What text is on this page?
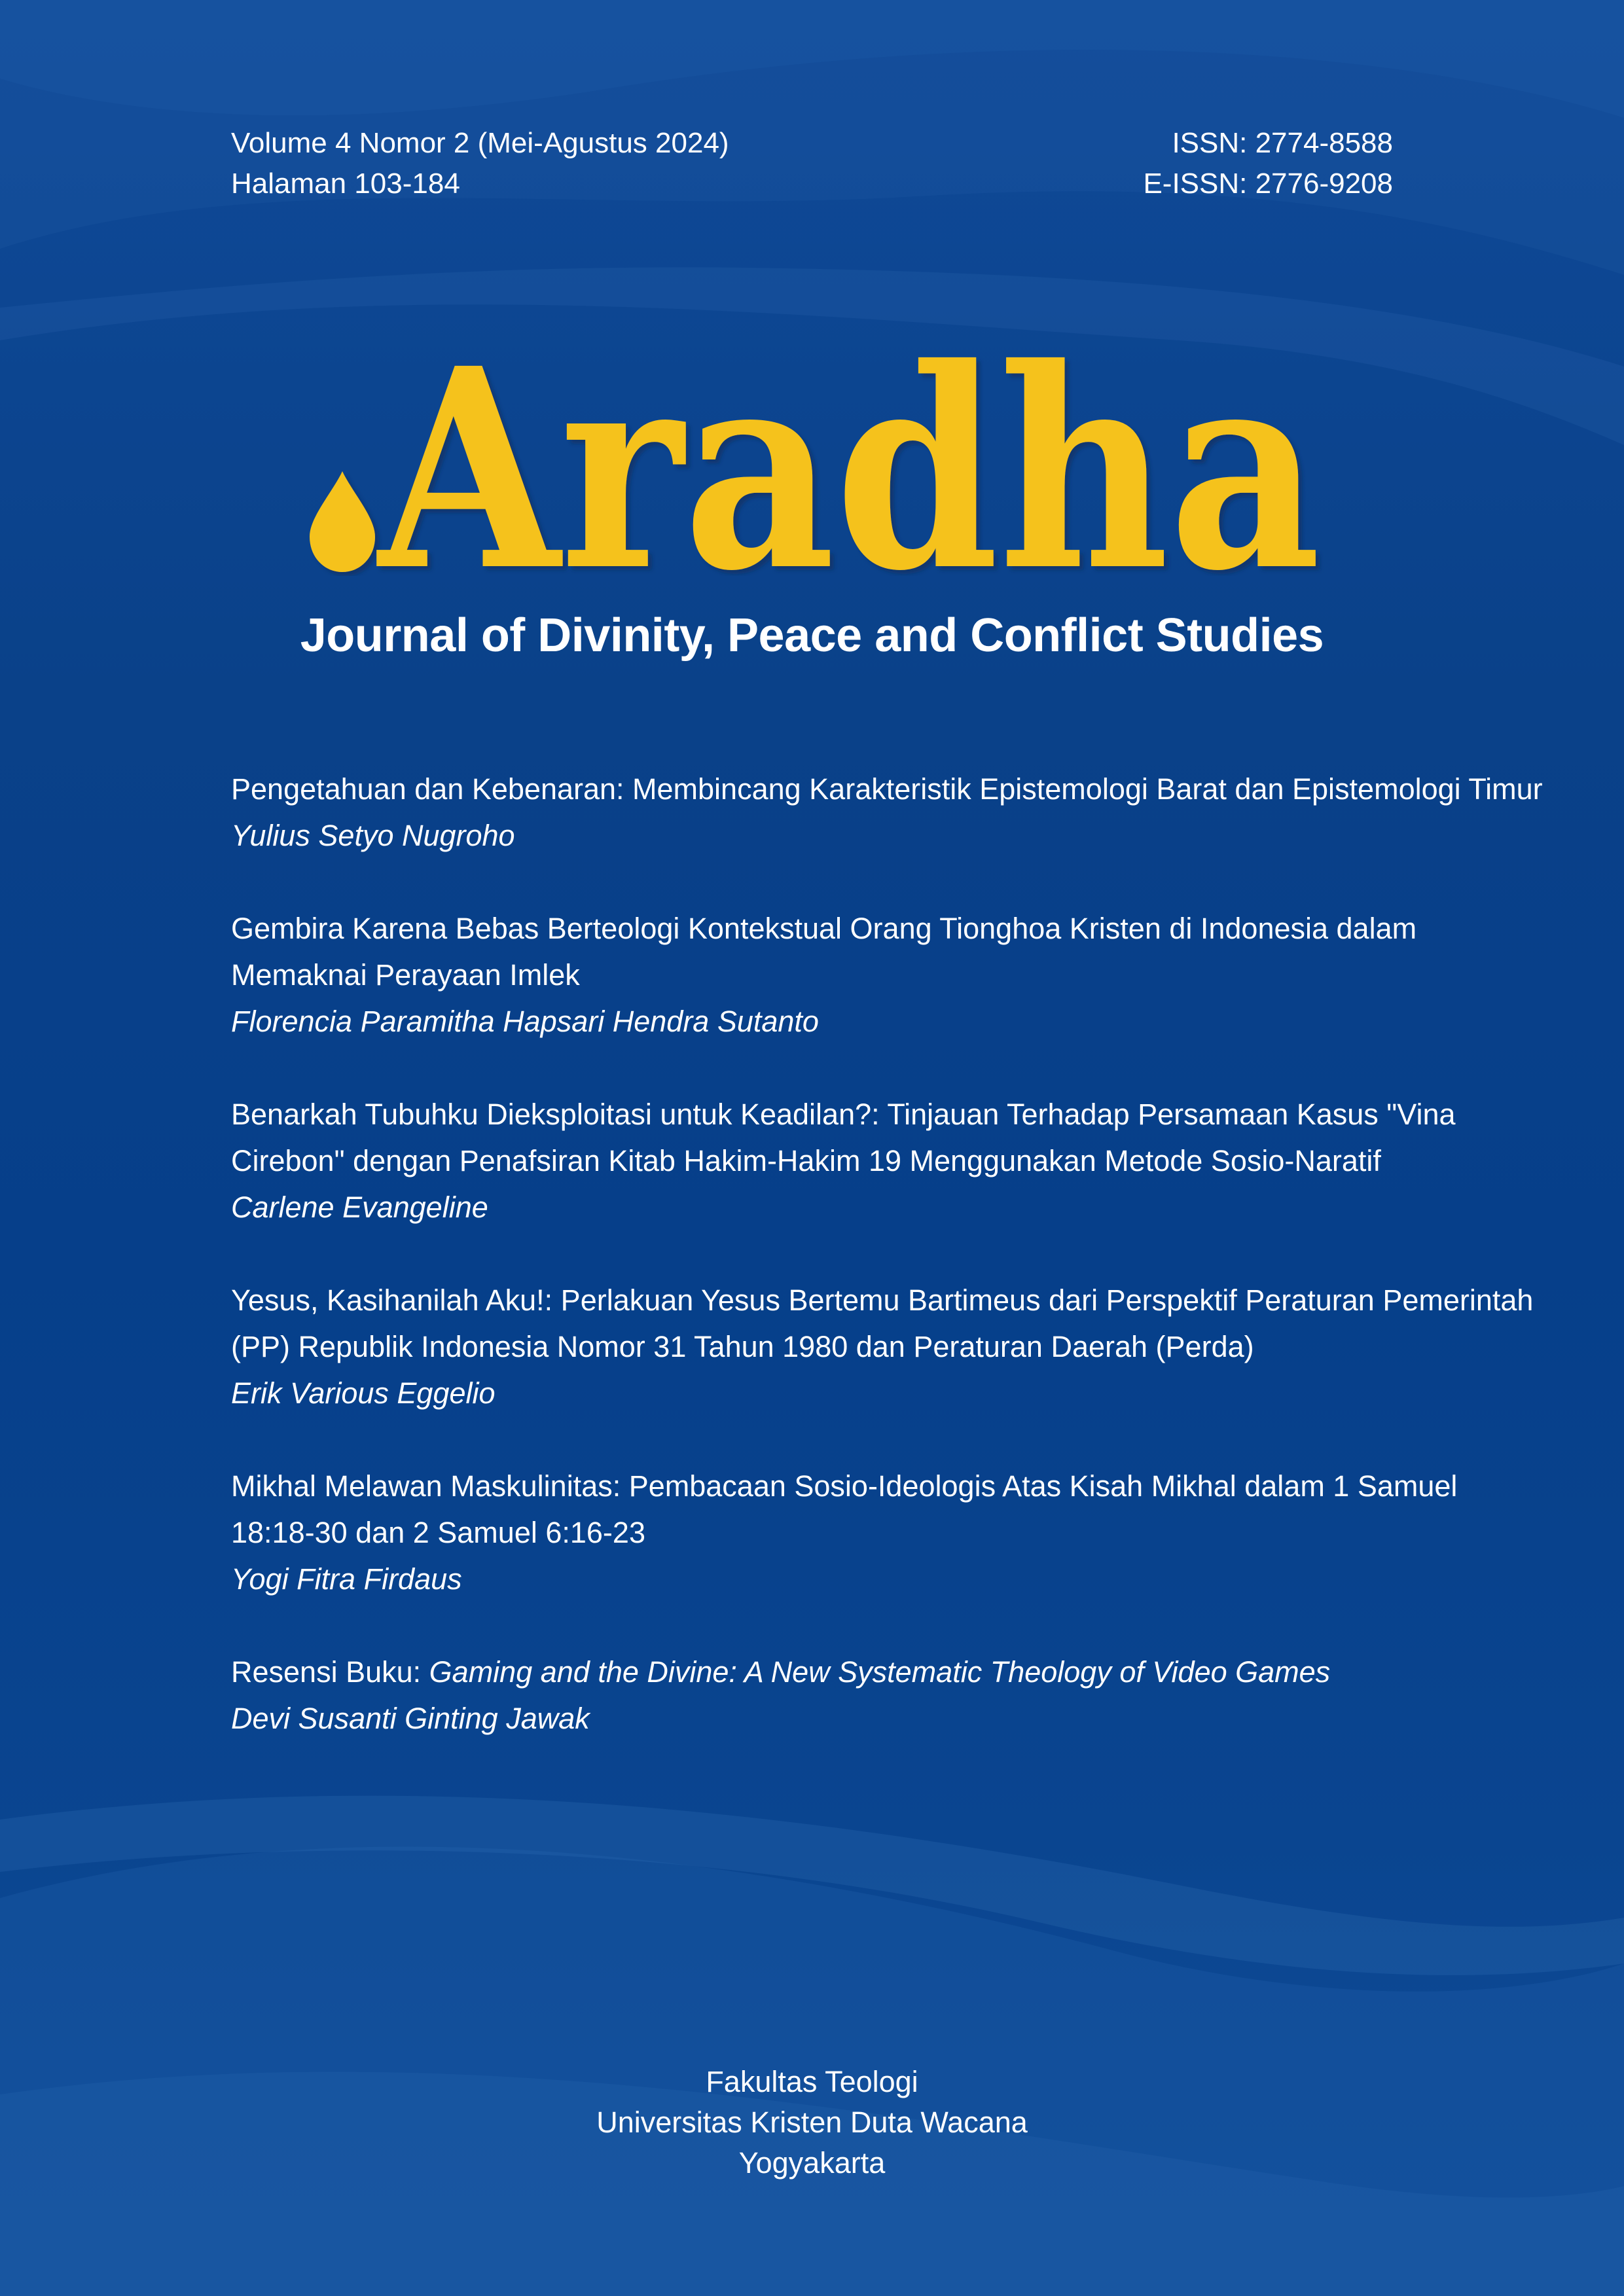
Volume 4 Nomor 2 (Mei-Agustus 2024)
Halaman 103-184
ISSN: 2774-8588
E-ISSN: 2776-9208
Aradha
Journal of Divinity, Peace and Conflict Studies
Pengetahuan dan Kebenaran: Membincang Karakteristik Epistemologi Barat dan Epistemologi Timur
Yulius Setyo Nugroho
Gembira Karena Bebas Berteologi Kontekstual Orang Tionghoa Kristen di Indonesia dalam Memaknai Perayaan Imlek
Florencia Paramitha Hapsari Hendra Sutanto
Benarkah Tubuhku Dieksploitasi untuk Keadilan?: Tinjauan Terhadap Persamaan Kasus "Vina Cirebon" dengan Penafsiran Kitab Hakim-Hakim 19 Menggunakan Metode Sosio-Naratif
Carlene Evangeline
Yesus, Kasihanilah Aku!: Perlakuan Yesus Bertemu Bartimeus dari Perspektif Peraturan Pemerintah (PP) Republik Indonesia Nomor 31 Tahun 1980 dan Peraturan Daerah (Perda)
Erik Various Eggelio
Mikhal Melawan Maskulinitas: Pembacaan Sosio-Ideologis Atas Kisah Mikhal dalam 1 Samuel 18:18-30 dan 2 Samuel 6:16-23
Yogi Fitra Firdaus
Resensi Buku: Gaming and the Divine: A New Systematic Theology of Video Games
Devi Susanti Ginting Jawak
Fakultas Teologi
Universitas Kristen Duta Wacana
Yogyakarta
